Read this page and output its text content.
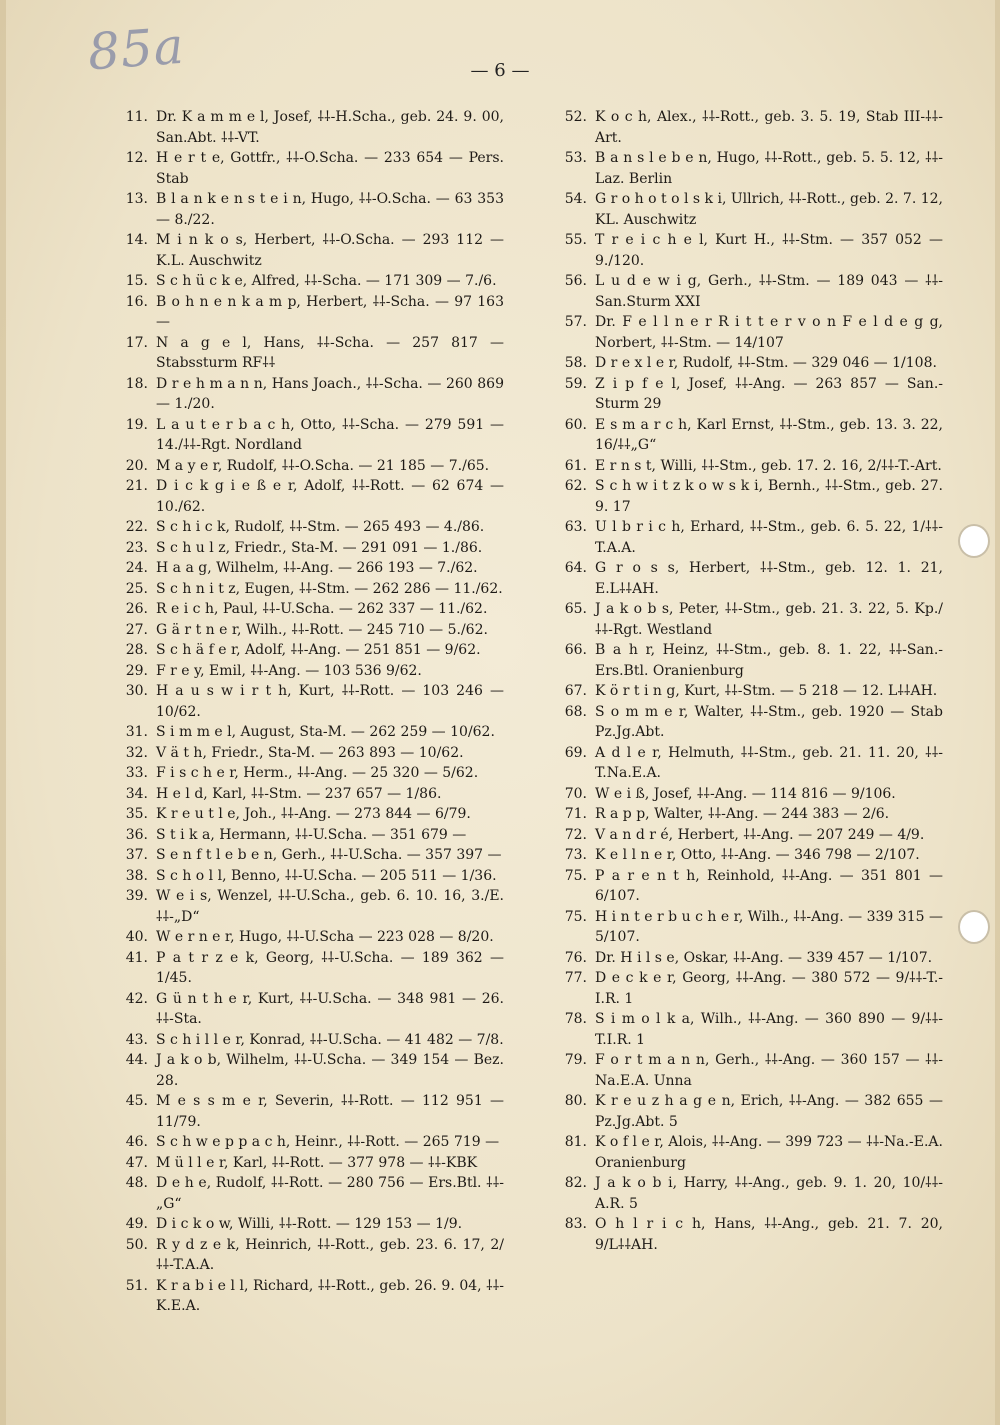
85a	— 6 —
11. Dr. K a m m e l, Josef, ⸸⸸-H.Scha., geb. 24. 9. 00, San.Abt. ⸸⸸-VT.
12. H e r t e, Gottfr., ⸸⸸-O.Scha. — 233 654 — Pers. Stab
13. B l a n k e n s t e i n, Hugo, ⸸⸸-O.Scha. — 63 353 — 8./22.
14. M i n k o s, Herbert, ⸸⸸-O.Scha. — 293 112 — K.L. Auschwitz
15. S c h ü c k e, Alfred, ⸸⸸-Scha. — 171 309 — 7./6.
16. B o h n e n k a m p, Herbert, ⸸⸸-Scha. — 97 163 —
17. N a g e l, Hans, ⸸⸸-Scha. — 257 817 — Stabssturm RF⸸⸸
18. D r e h m a n n, Hans Joach., ⸸⸸-Scha. — 260 869 — 1./20.
19. L a u t e r b a c h, Otto, ⸸⸸-Scha. — 279 591 — 14./⸸⸸-Rgt. Nordland
20. M a y e r, Rudolf, ⸸⸸-O.Scha. — 21 185 — 7./65.
21. D i c k g i e ß e r, Adolf, ⸸⸸-Rott. — 62 674 — 10./62.
22. S c h i c k, Rudolf, ⸸⸸-Stm. — 265 493 — 4./86.
23. S c h u l z, Friedr., Sta-M. — 291 091 — 1./86.
24. H a a g, Wilhelm, ⸸⸸-Ang. — 266 193 — 7./62.
25. S c h n i t z, Eugen, ⸸⸸-Stm. — 262 286 — 11./62.
26. R e i c h, Paul, ⸸⸸-U.Scha. — 262 337 — 11./62.
27. G ä r t n e r, Wilh., ⸸⸸-Rott. — 245 710 — 5./62.
28. S c h ä f e r, Adolf, ⸸⸸-Ang. — 251 851 — 9/62.
29. F r e y, Emil, ⸸⸸-Ang. — 103 536 9/62.
30. H a u s w i r t h, Kurt, ⸸⸸-Rott. — 103 246 — 10/62.
31. S i m m e l, August, Sta-M. — 262 259 — 10/62.
32. V ä t h, Friedr., Sta-M. — 263 893 — 10/62.
33. F i s c h e r, Herm., ⸸⸸-Ang. — 25 320 — 5/62.
34. H e l d, Karl, ⸸⸸-Stm. — 237 657 — 1/86.
35. K r e u t l e, Joh., ⸸⸸-Ang. — 273 844 — 6/79.
36. S t i k a, Hermann, ⸸⸸-U.Scha. — 351 679 —
37. S e n f t l e b e n, Gerh., ⸸⸸-U.Scha. — 357 397 —
38. S c h o l l, Benno, ⸸⸸-U.Scha. — 205 511 — 1/36.
39. W e i s, Wenzel, ⸸⸸-U.Scha., geb. 6. 10. 16, 3./E. ⸸⸸-„D“
40. W e r n e r, Hugo, ⸸⸸-U.Scha — 223 028 — 8/20.
41. P a t r z e k, Georg, ⸸⸸-U.Scha. — 189 362 — 1/45.
42. G ü n t h e r, Kurt, ⸸⸸-U.Scha. — 348 981 — 26. ⸸⸸-Sta.
43. S c h i l l e r, Konrad, ⸸⸸-U.Scha. — 41 482 — 7/8.
44. J a k o b, Wilhelm, ⸸⸸-U.Scha. — 349 154 — Bez. 28.
45. M e s s m e r, Severin, ⸸⸸-Rott. — 112 951 — 11/79.
46. S c h w e p p a c h, Heinr., ⸸⸸-Rott. — 265 719 —
47. M ü l l e r, Karl, ⸸⸸-Rott. — 377 978 — ⸸⸸-KBK
48. D e h e, Rudolf, ⸸⸸-Rott. — 280 756 — Ers.Btl. ⸸⸸-„G“
49. D i c k o w, Willi, ⸸⸸-Rott. — 129 153 — 1/9.
50. R y d z e k, Heinrich, ⸸⸸-Rott., geb. 23. 6. 17, 2/⸸⸸-T.A.A.
51. K r a b i e l l, Richard, ⸸⸸-Rott., geb. 26. 9. 04, ⸸⸸-K.E.A.
52. K o c h, Alex., ⸸⸸-Rott., geb. 3. 5. 19, Stab III-⸸⸸-Art.
53. B a n s l e b e n, Hugo, ⸸⸸-Rott., geb. 5. 5. 12, ⸸⸸-Laz. Berlin
54. G r o h o t o l s k i, Ullrich, ⸸⸸-Rott., geb. 2. 7. 12, KL. Auschwitz
55. T r e i c h e l, Kurt H., ⸸⸸-Stm. — 357 052 — 9./120.
56. L u d e w i g, Gerh., ⸸⸸-Stm. — 189 043 — ⸸⸸-San.Sturm XXI
57. Dr. F e l l n e r R i t t e r v o n F e l d e g g, Norbert, ⸸⸸-Stm. — 14/107
58. D r e x l e r, Rudolf, ⸸⸸-Stm. — 329 046 — 1/108.
59. Z i p f e l, Josef, ⸸⸸-Ang. — 263 857 — San.-Sturm 29
60. E s m a r c h, Karl Ernst, ⸸⸸-Stm., geb. 13. 3. 22, 16/⸸⸸„G“
61. E r n s t, Willi, ⸸⸸-Stm., geb. 17. 2. 16, 2/⸸⸸-T.-Art.
62. S c h w i t z k o w s k i, Bernh., ⸸⸸-Stm., geb. 27. 9. 17
63. U l b r i c h, Erhard, ⸸⸸-Stm., geb. 6. 5. 22, 1/⸸⸸-T.A.A.
64. G r o s s, Herbert, ⸸⸸-Stm., geb. 12. 1. 21, E.L⸸⸸AH.
65. J a k o b s, Peter, ⸸⸸-Stm., geb. 21. 3. 22, 5. Kp./ ⸸⸸-Rgt. Westland
66. B a h r, Heinz, ⸸⸸-Stm., geb. 8. 1. 22, ⸸⸸-San.-Ers.Btl. Oranienburg
67. K ö r t i n g, Kurt, ⸸⸸-Stm. — 5 218 — 12. L⸸⸸AH.
68. S o m m e r, Walter, ⸸⸸-Stm., geb. 1920 — Stab Pz.Jg.Abt.
69. A d l e r, Helmuth, ⸸⸸-Stm., geb. 21. 11. 20, ⸸⸸-T.Na.E.A.
70. W e i ß, Josef, ⸸⸸-Ang. — 114 816 — 9/106.
71. R a p p, Walter, ⸸⸸-Ang. — 244 383 — 2/6.
72. V a n d r é, Herbert, ⸸⸸-Ang. — 207 249 — 4/9.
73. K e l l n e r, Otto, ⸸⸸-Ang. — 346 798 — 2/107.
75. P a r e n t h, Reinhold, ⸸⸸-Ang. — 351 801 — 6/107.
75. H i n t e r b u c h e r, Wilh., ⸸⸸-Ang. — 339 315 — 5/107.
76. Dr. H i l s e, Oskar, ⸸⸸-Ang. — 339 457 — 1/107.
77. D e c k e r, Georg, ⸸⸸-Ang. — 380 572 — 9/⸸⸸-T.-I.R. 1
78. S i m o l k a, Wilh., ⸸⸸-Ang. — 360 890 — 9/⸸⸸-T.I.R. 1
79. F o r t m a n n, Gerh., ⸸⸸-Ang. — 360 157 — ⸸⸸-Na.E.A. Unna
80. K r e u z h a g e n, Erich, ⸸⸸-Ang. — 382 655 — Pz.Jg.Abt. 5
81. K o f l e r, Alois, ⸸⸸-Ang. — 399 723 — ⸸⸸-Na.-E.A. Oranienburg
82. J a k o b i, Harry, ⸸⸸-Ang., geb. 9. 1. 20, 10/⸸⸸-A.R. 5
83. O h l r i c h, Hans, ⸸⸸-Ang., geb. 21. 7. 20, 9/L⸸⸸AH.
